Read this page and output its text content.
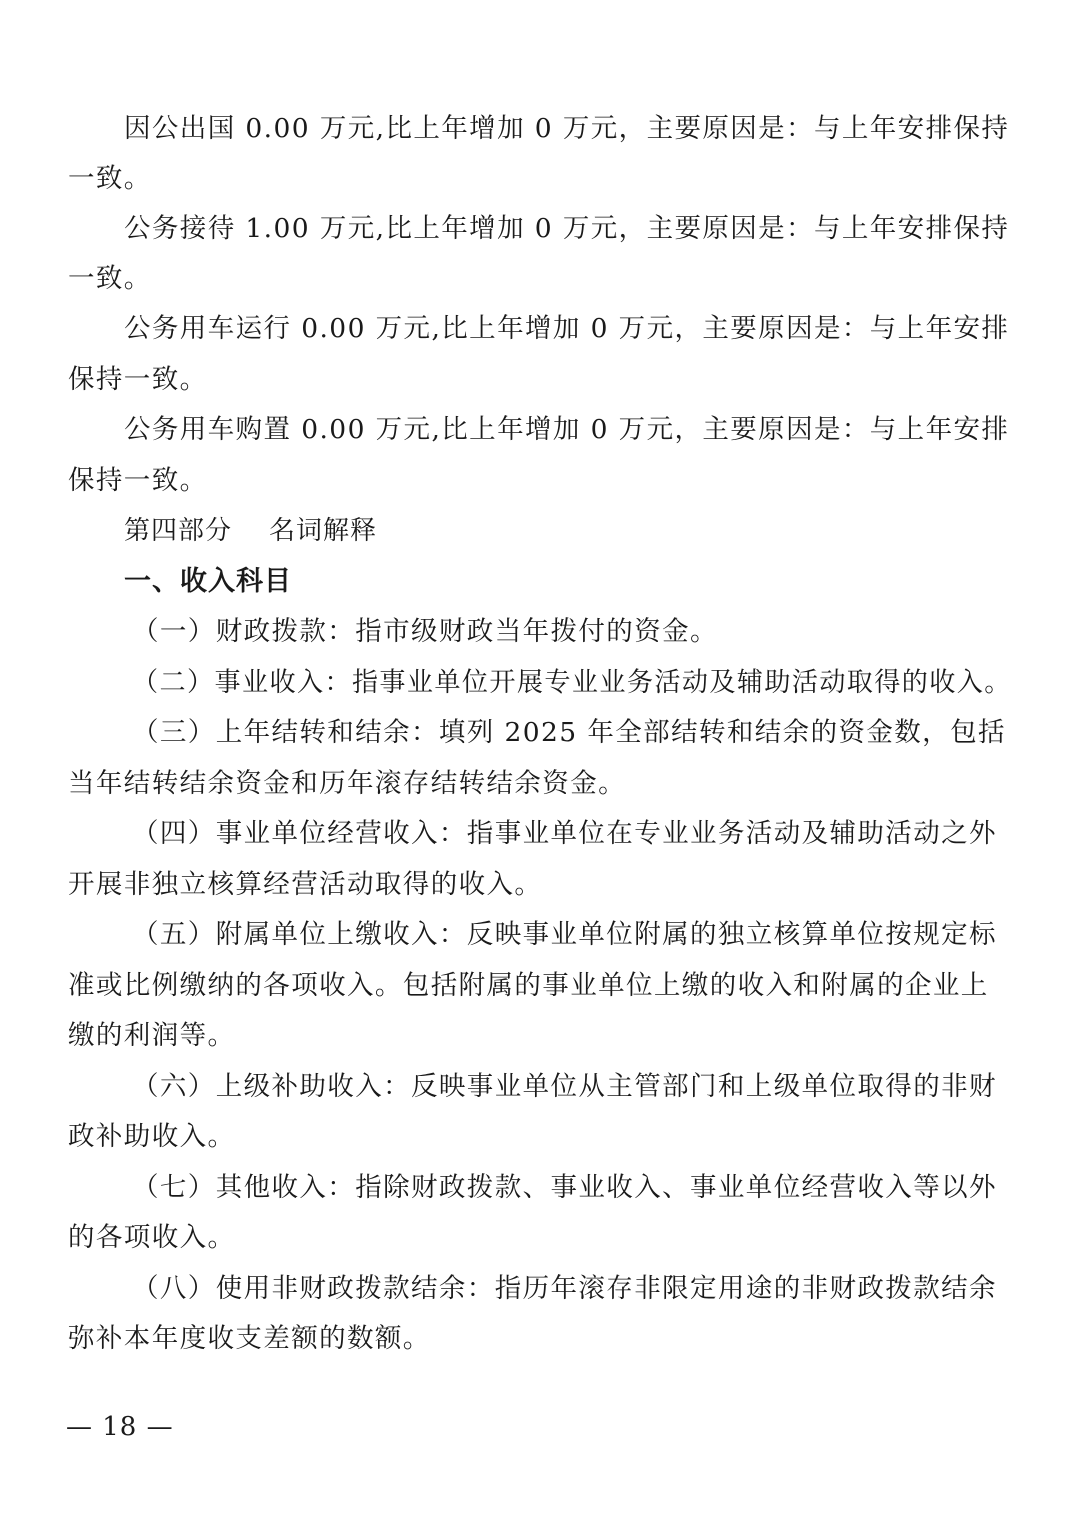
因公出国 0.00 万元,比上年增加 0 万元，主要原因是：与上年安排保持
一致。
公务接待 1.00 万元,比上年增加 0 万元，主要原因是：与上年安排保持
一致。
公务用车运行 0.00 万元,比上年增加 0 万元，主要原因是：与上年安排
保持一致。
公务用车购置 0.00 万元,比上年增加 0 万元，主要原因是：与上年安排
保持一致。
第四部分    名词解释
一、收入科目
（一）财政拨款：指市级财政当年拨付的资金。
（二）事业收入：指事业单位开展专业业务活动及辅助活动取得的收入。
（三）上年结转和结余：填列 2025 年全部结转和结余的资金数，包括
当年结转结余资金和历年滚存结转结余资金。
（四）事业单位经营收入：指事业单位在专业业务活动及辅助活动之外
开展非独立核算经营活动取得的收入。
（五）附属单位上缴收入：反映事业单位附属的独立核算单位按规定标
准或比例缴纳的各项收入。包括附属的事业单位上缴的收入和附属的企业上
缴的利润等。
（六）上级补助收入：反映事业单位从主管部门和上级单位取得的非财
政补助收入。
（七）其他收入：指除财政拨款、事业收入、事业单位经营收入等以外
的各项收入。
（八）使用非财政拨款结余：指历年滚存非限定用途的非财政拨款结余
弥补本年度收支差额的数额。
— 18 —
